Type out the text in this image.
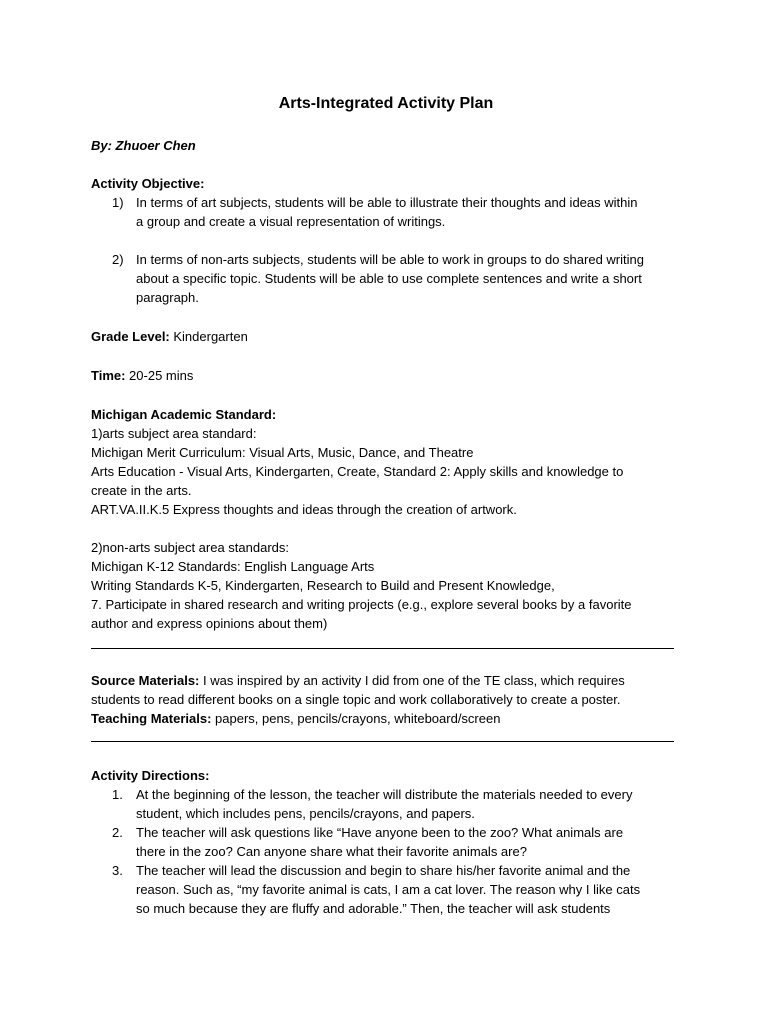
Arts-Integrated Activity Plan
By: Zhuoer Chen
Activity Objective:
1) In terms of art subjects, students will be able to illustrate their thoughts and ideas within
a group and create a visual representation of writings.
2) In terms of non-arts subjects, students will be able to work in groups to do shared writing
about a specific topic. Students will be able to use complete sentences and write a short
paragraph.
Grade Level: Kindergarten
Time: 20-25 mins
Michigan Academic Standard:
1)arts subject area standard:
Michigan Merit Curriculum: Visual Arts, Music, Dance, and Theatre
Arts Education - Visual Arts, Kindergarten, Create, Standard 2: Apply skills and knowledge to
create in the arts.
ART.VA.II.K.5 Express thoughts and ideas through the creation of artwork.
2)non-arts subject area standards:
Michigan K-12 Standards: English Language Arts
Writing Standards K-5, Kindergarten, Research to Build and Present Knowledge,
7. Participate in shared research and writing projects (e.g., explore several books by a favorite
author and express opinions about them)
Source Materials: I was inspired by an activity I did from one of the TE class, which requires
students to read different books on a single topic and work collaboratively to create a poster.
Teaching Materials: papers, pens, pencils/crayons, whiteboard/screen
Activity Directions:
1. At the beginning of the lesson, the teacher will distribute the materials needed to every
student, which includes pens, pencils/crayons, and papers.
2. The teacher will ask questions like “Have anyone been to the zoo? What animals are
there in the zoo? Can anyone share what their favorite animals are?
3. The teacher will lead the discussion and begin to share his/her favorite animal and the
reason. Such as, “my favorite animal is cats, I am a cat lover. The reason why I like cats
so much because they are fluffy and adorable.” Then, the teacher will ask students
